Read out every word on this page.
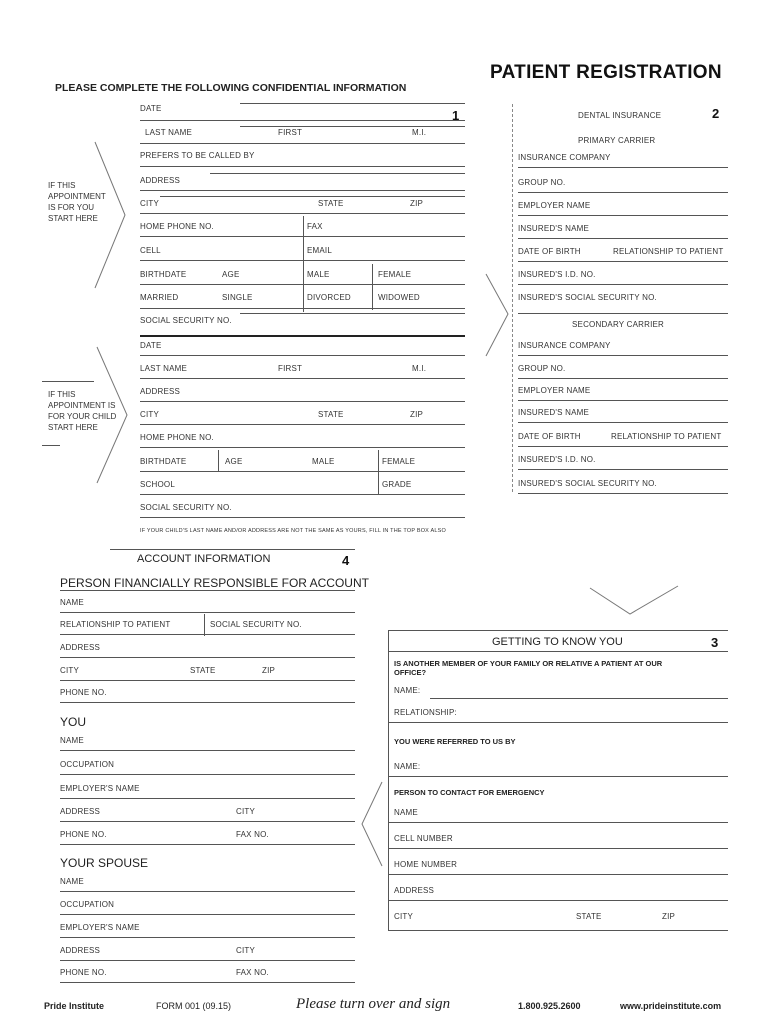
PATIENT REGISTRATION
PLEASE COMPLETE THE FOLLOWING CONFIDENTIAL INFORMATION
1
DATE
LAST NAME	FIRST	M.I.
PREFERS TO BE CALLED BY
ADDRESS
CITY	STATE	ZIP
HOME PHONE NO.	FAX
CELL	EMAIL
BIRTHDATE	AGE	MALE	FEMALE
MARRIED	SINGLE	DIVORCED	WIDOWED
SOCIAL SECURITY NO.
IF THIS APPOINTMENT IS FOR YOU START HERE
DATE
LAST NAME	FIRST	M.I.
ADDRESS
CITY	STATE	ZIP
HOME PHONE NO.
BIRTHDATE	AGE	MALE	FEMALE
SCHOOL	GRADE
SOCIAL SECURITY NO.
IF YOUR CHILD'S LAST NAME AND/OR ADDRESS ARE NOT THE SAME AS YOURS, FILL IN THE TOP BOX ALSO
IF THIS APPOINTMENT IS FOR YOUR CHILD START HERE
DENTAL INSURANCE	2
PRIMARY CARRIER
INSURANCE COMPANY
GROUP NO.
EMPLOYER NAME
INSURED'S NAME
DATE OF BIRTH	RELATIONSHIP TO PATIENT
INSURED'S I.D. NO.
INSURED'S SOCIAL SECURITY NO.
SECONDARY CARRIER
INSURANCE COMPANY
GROUP NO.
EMPLOYER NAME
INSURED'S NAME
DATE OF BIRTH	RELATIONSHIP TO PATIENT
INSURED'S I.D. NO.
INSURED'S SOCIAL SECURITY NO.
ACCOUNT INFORMATION	4
PERSON FINANCIALLY RESPONSIBLE FOR ACCOUNT
NAME
RELATIONSHIP TO PATIENT	SOCIAL SECURITY NO.
ADDRESS
CITY	STATE	ZIP
PHONE NO.
YOU
NAME
OCCUPATION
EMPLOYER'S NAME
ADDRESS	CITY
PHONE NO.	FAX NO.
YOUR SPOUSE
NAME
OCCUPATION
EMPLOYER'S NAME
ADDRESS	CITY
PHONE NO.	FAX NO.
GETTING TO KNOW YOU	3
IS ANOTHER MEMBER OF YOUR FAMILY OR RELATIVE A PATIENT AT OUR OFFICE?
NAME:
RELATIONSHIP:
YOU WERE REFERRED TO US BY
NAME:
PERSON TO CONTACT FOR EMERGENCY
NAME
CELL NUMBER
HOME NUMBER
ADDRESS
CITY	STATE	ZIP
Pride Institute	FORM 001 (09.15)	Please turn over and sign	1.800.925.2600	www.prideinstitute.com
